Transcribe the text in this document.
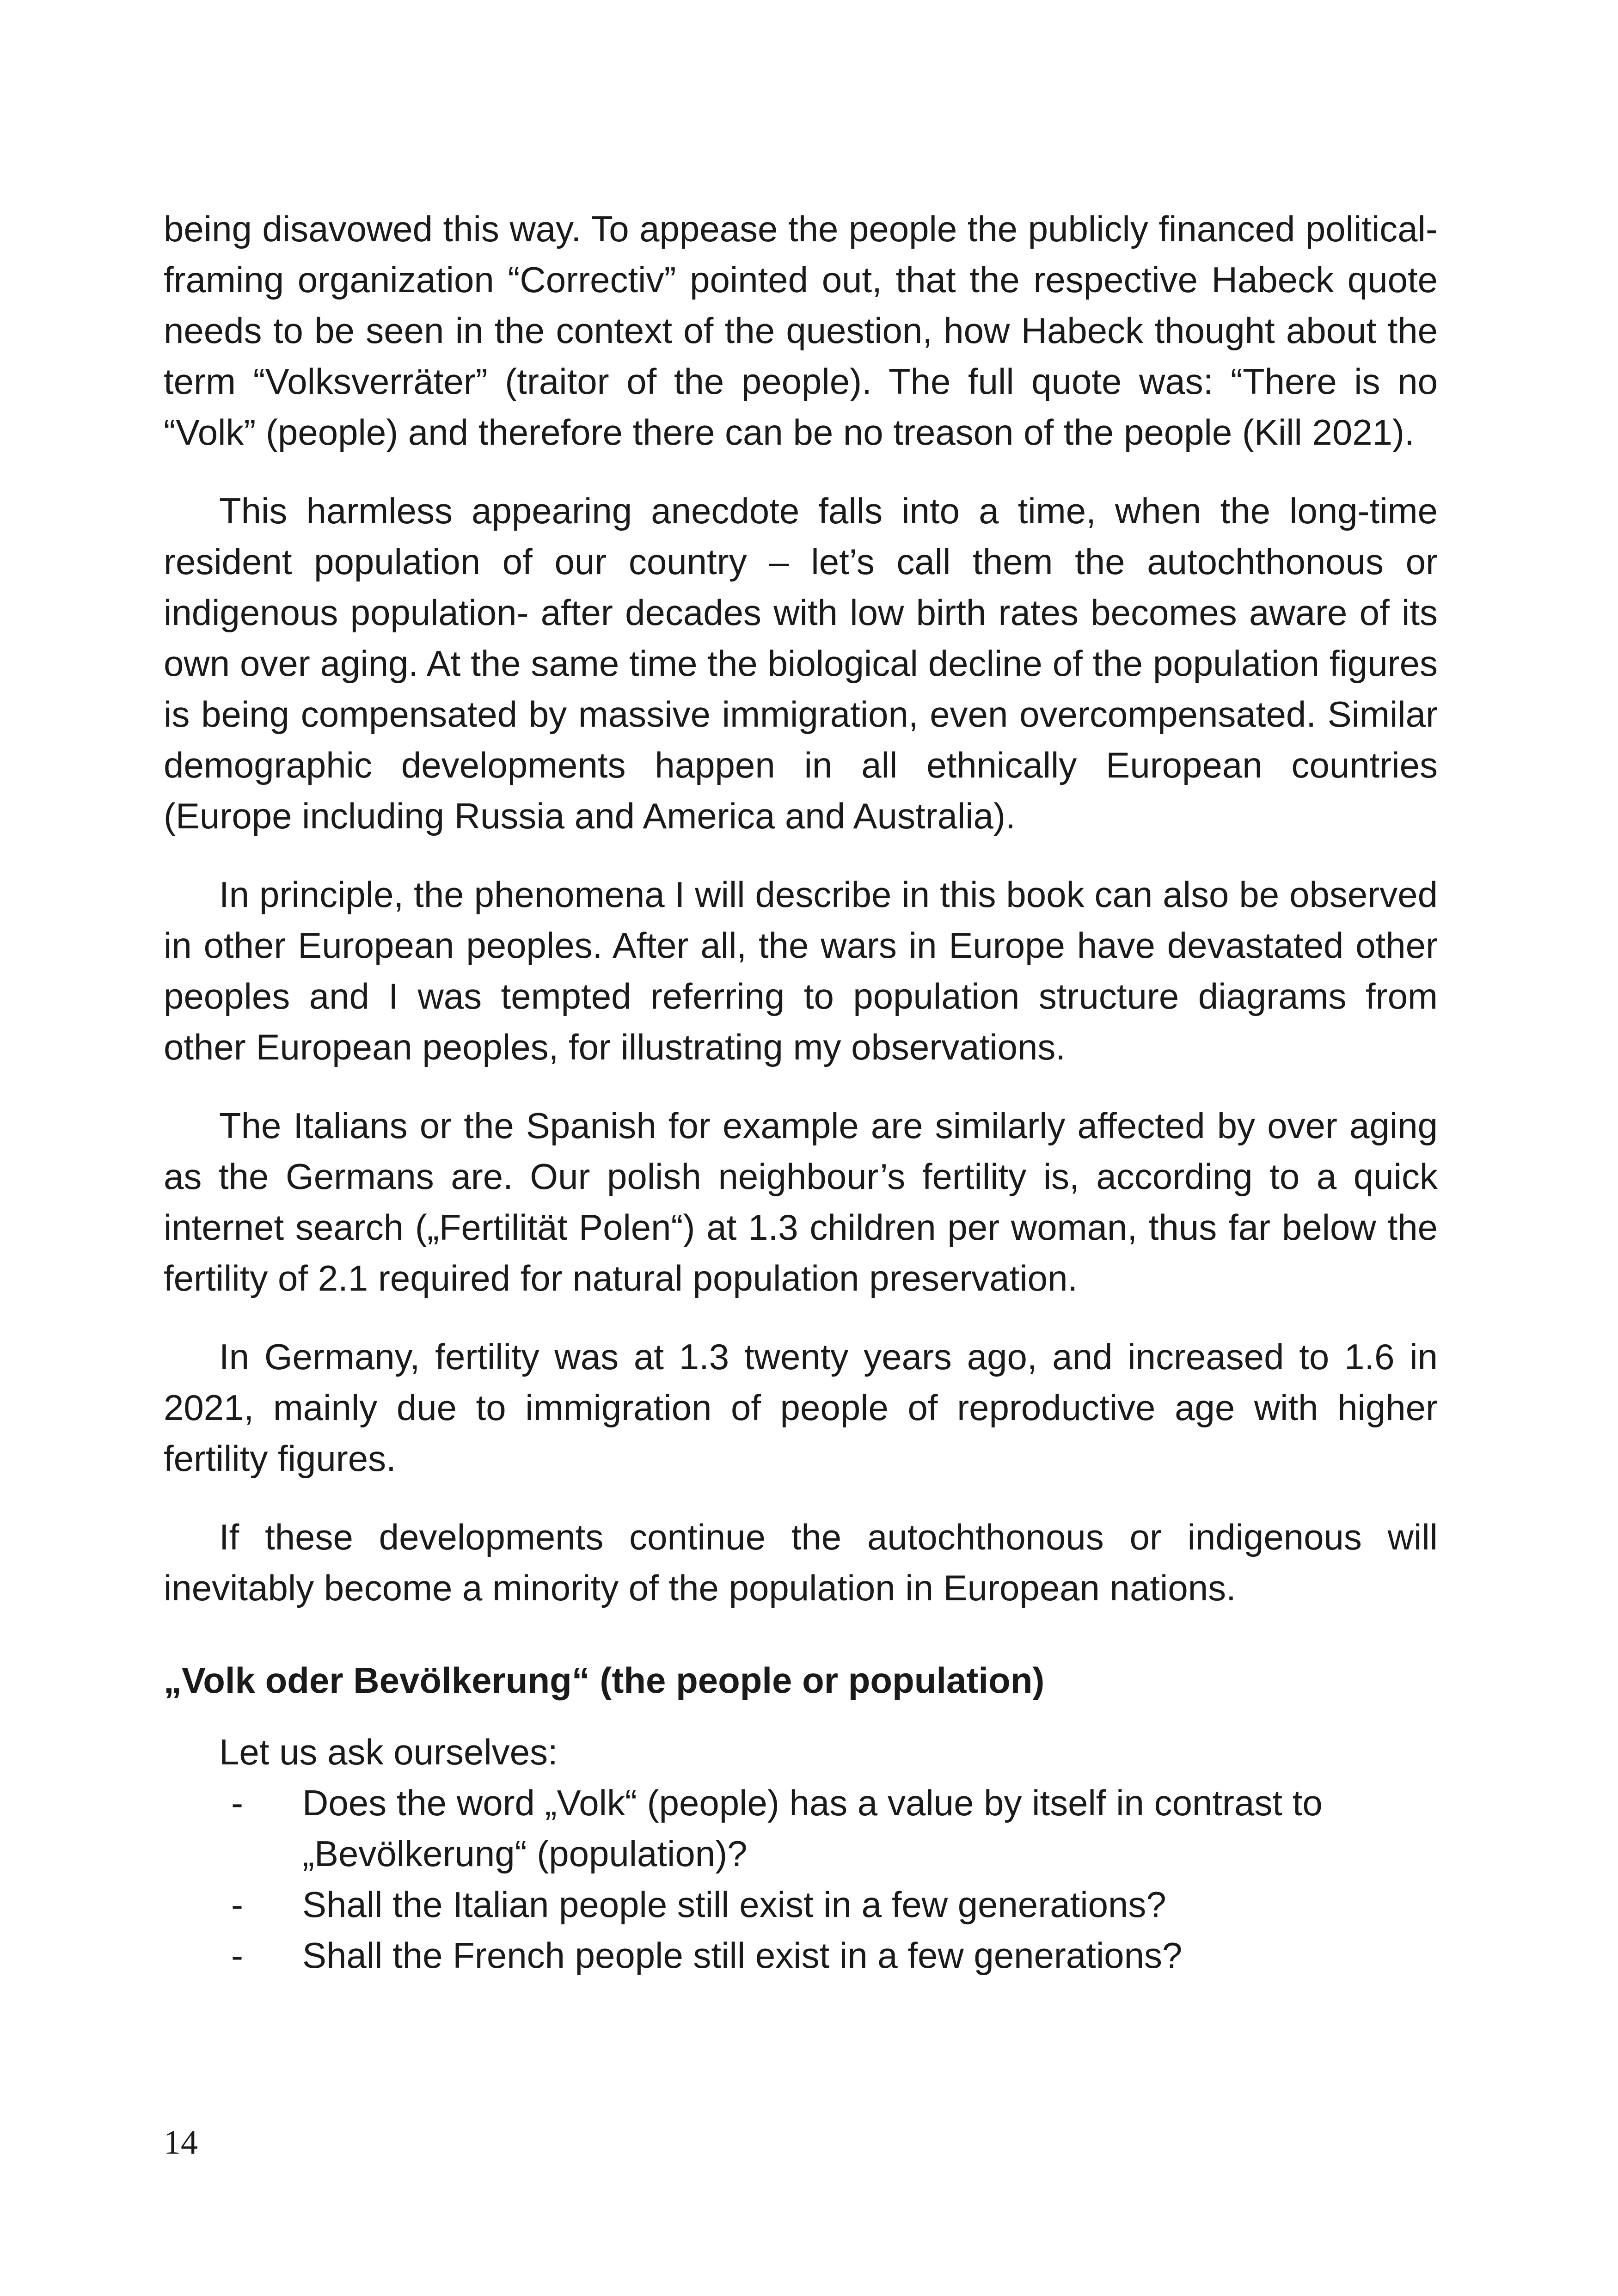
being disavowed this way. To appease the people the publicly financed political-framing organization “Correctiv” pointed out, that the respective Habeck quote needs to be seen in the context of the question, how Habeck thought about the term “Volksverräter” (traitor of the people). The full quote was: “There is no “Volk” (people) and therefore there can be no treason of the people (Kill 2021).

This harmless appearing anecdote falls into a time, when the long-time resident population of our country – let’s call them the autochthonous or indigenous population- after decades with low birth rates becomes aware of its own over aging. At the same time the biological decline of the population figures is being compensated by massive immigration, even overcompensated. Similar demographic developments happen in all ethnically European countries (Europe including Russia and America and Australia).

In principle, the phenomena I will describe in this book can also be observed in other European peoples. After all, the wars in Europe have devastated other peoples and I was tempted referring to population structure diagrams from other European peoples, for illustrating my observations.

The Italians or the Spanish for example are similarly affected by over aging as the Germans are. Our polish neighbour’s fertility is, according to a quick internet search („Fertilität Polen“) at 1.3 children per woman, thus far below the fertility of 2.1 required for natural population preservation.

In Germany, fertility was at 1.3 twenty years ago, and increased to 1.6 in 2021, mainly due to immigration of people of reproductive age with higher fertility figures.

If these developments continue the autochthonous or indigenous will inevitably become a minority of the population in European nations.

„Volk oder Bevölkerung“ (the people or population)

Let us ask ourselves:

- Does the word „Volk“ (people) has a value by itself in contrast to „Bevölkerung“ (population)?
- Shall the Italian people still exist in a few generations?
- Shall the French people still exist in a few generations?
14
